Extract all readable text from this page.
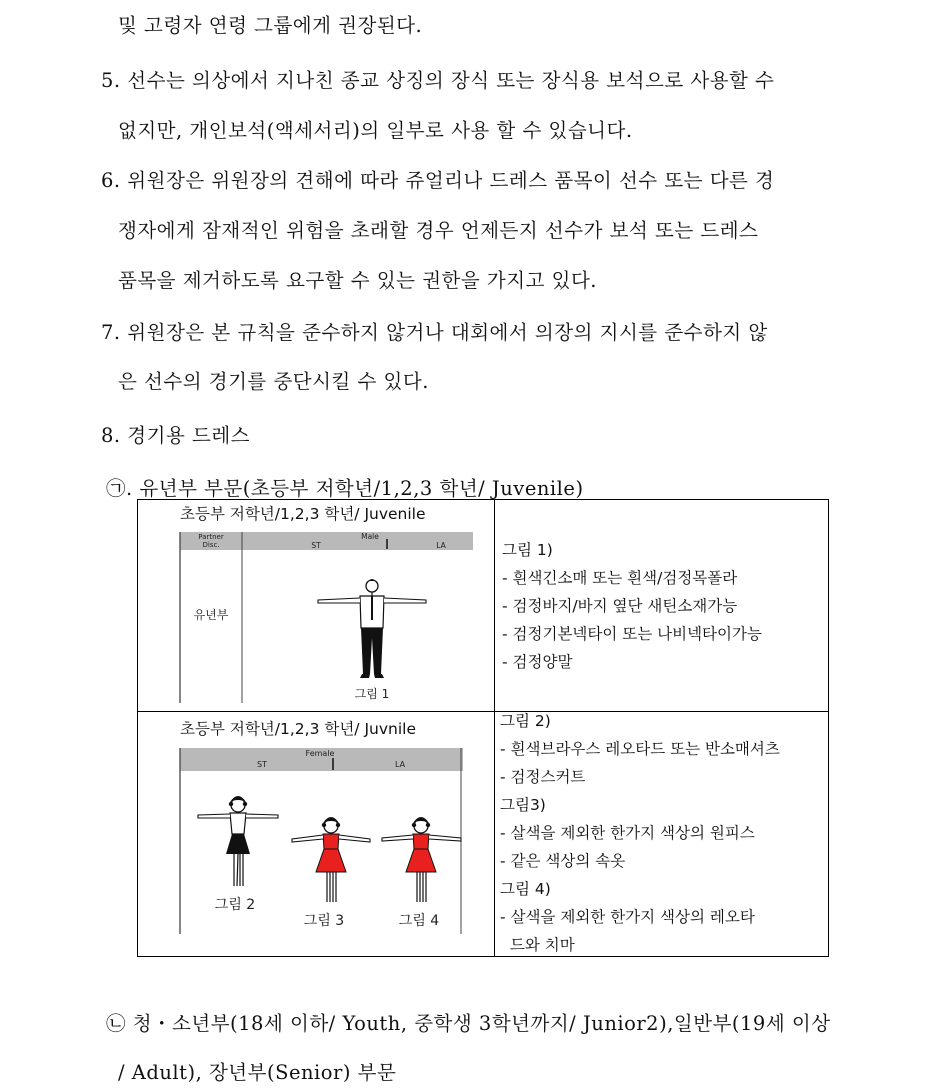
및 고령자 연령 그룹에게 권장된다.
5. 선수는 의상에서 지나친 종교 상징의 장식 또는 장식용 보석으로 사용할 수
없지만, 개인보석(액세서리)의 일부로 사용 할 수 있습니다.
6. 위원장은 위원장의 견해에 따라 쥬얼리나 드레스 품목이 선수 또는 다른 경
쟁자에게 잠재적인 위험을 초래할 경우 언제든지 선수가 보석 또는 드레스
품목을 제거하도록 요구할 수 있는 권한을 가지고 있다.
7. 위원장은 본 규칙을 준수하지 않거나 대회에서 의장의 지시를 준수하지 않
은 선수의 경기를 중단시킬 수 있다.
8. 경기용 드레스
㉠. 유년부 부문(초등부 저학년/1,2,3 학년/ Juvenile)
초등부 저학년/1,2,3 학년/ Juvenile
Partner
Disc.
Male
ST	LA
유년부
그림 1
그림 1)
- 흰색긴소매 또는 흰색/검정목폴라
- 검정바지/바지 옆단 새틴소재가능
- 검정기본넥타이 또는 나비넥타이가능
- 검정양말
초등부 저학년/1,2,3 학년/ Juvnile
Female
ST	LA
그림 2
그림 3	그림 4
그림 2)
- 흰색브라우스 레오타드 또는 반소매셔츠
- 검정스커트
그림3)
- 살색을 제외한 한가지 색상의 원피스
- 같은 색상의 속옷
그림 4)
- 살색을 제외한 한가지 색상의 레오타
드와 치마
㉡ 청・소년부(18세 이하/ Youth, 중학생 3학년까지/ Junior2),일반부(19세 이상
/ Adult), 장년부(Senior) 부문
